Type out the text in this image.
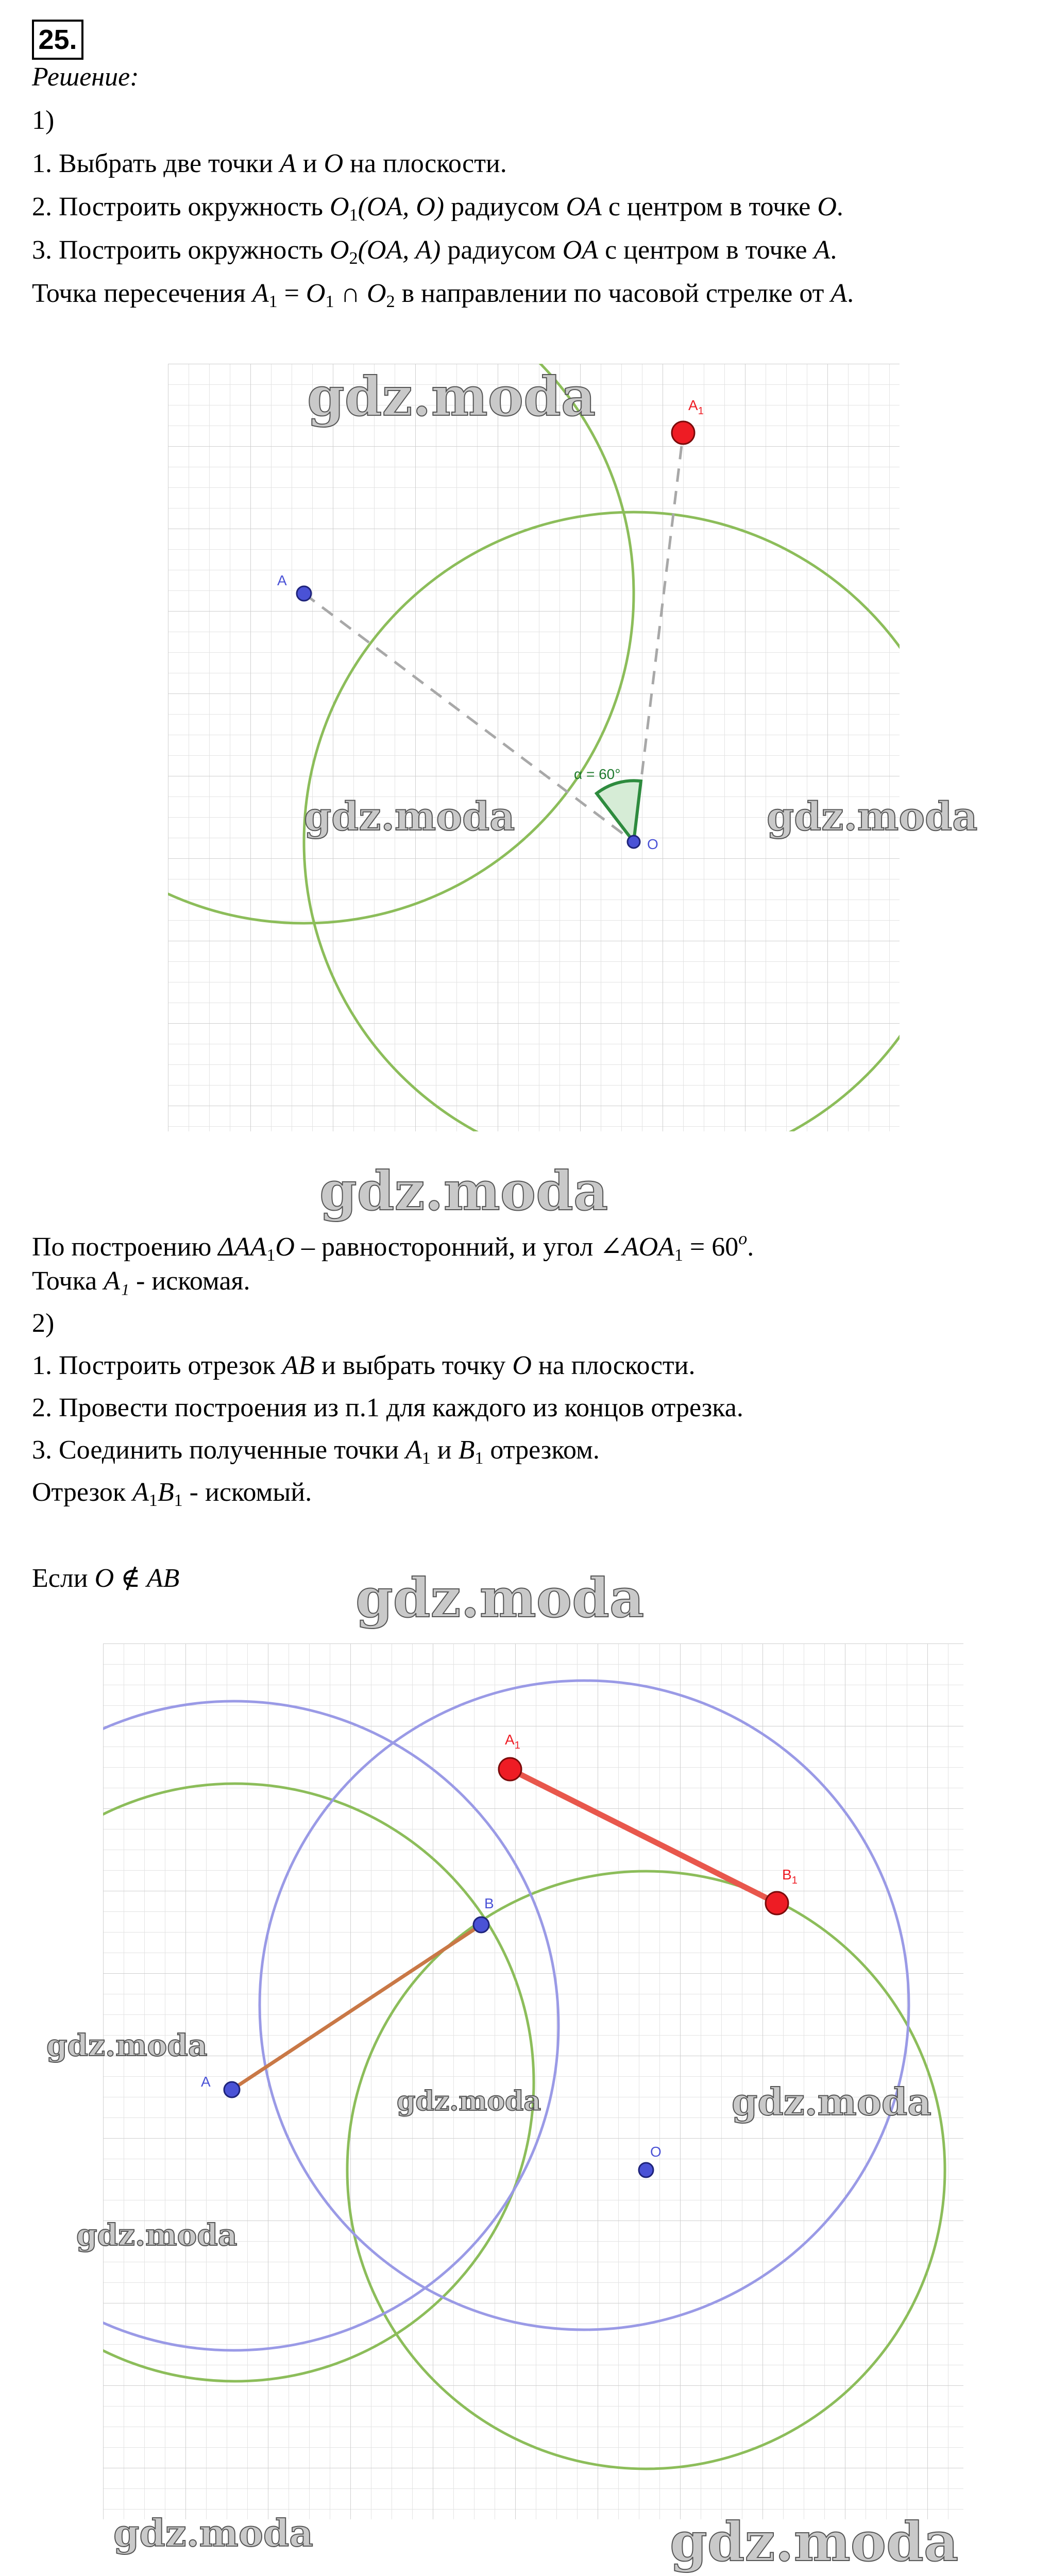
25.
Решение:
1)
1. Выбрать две точки A и O на плоскости.
2. Построить окружность $O_1(OA$, O) радиусом OA с центром в точке O.
3. Построить окружность $O_2(OA$, A) радиусом OA с центром в точке A.
Точка пересечения $A_1 = O_1$ ∩ $O_2$ в направлении по часовой стрелке от A.
α = 60°
A
O
$A_1$
gdz.moda
gdz.moda	gdz.moda
gdz.moda
По построению $\Delta AA_1O$ – равносторонний, и угол $\angle AOA_1 = 60^o$.
Точка A₁ - искомая.
2)
1. Построить отрезок AB и выбрать точку O на плоскости.
2. Провести построения из п.1 для каждого из концов отрезка.
3. Соединить полученные точки $A_1$ и $B_1$ отрезком.
Отрезок $A_1B_1$ - искомый.
Если O ∉ AB	gdz.moda
A
B
O
$A_1$
$B_1$
gdz.moda
gdz.moda	gdz.moda
gdz.moda
gdz.moda	gdz.moda
